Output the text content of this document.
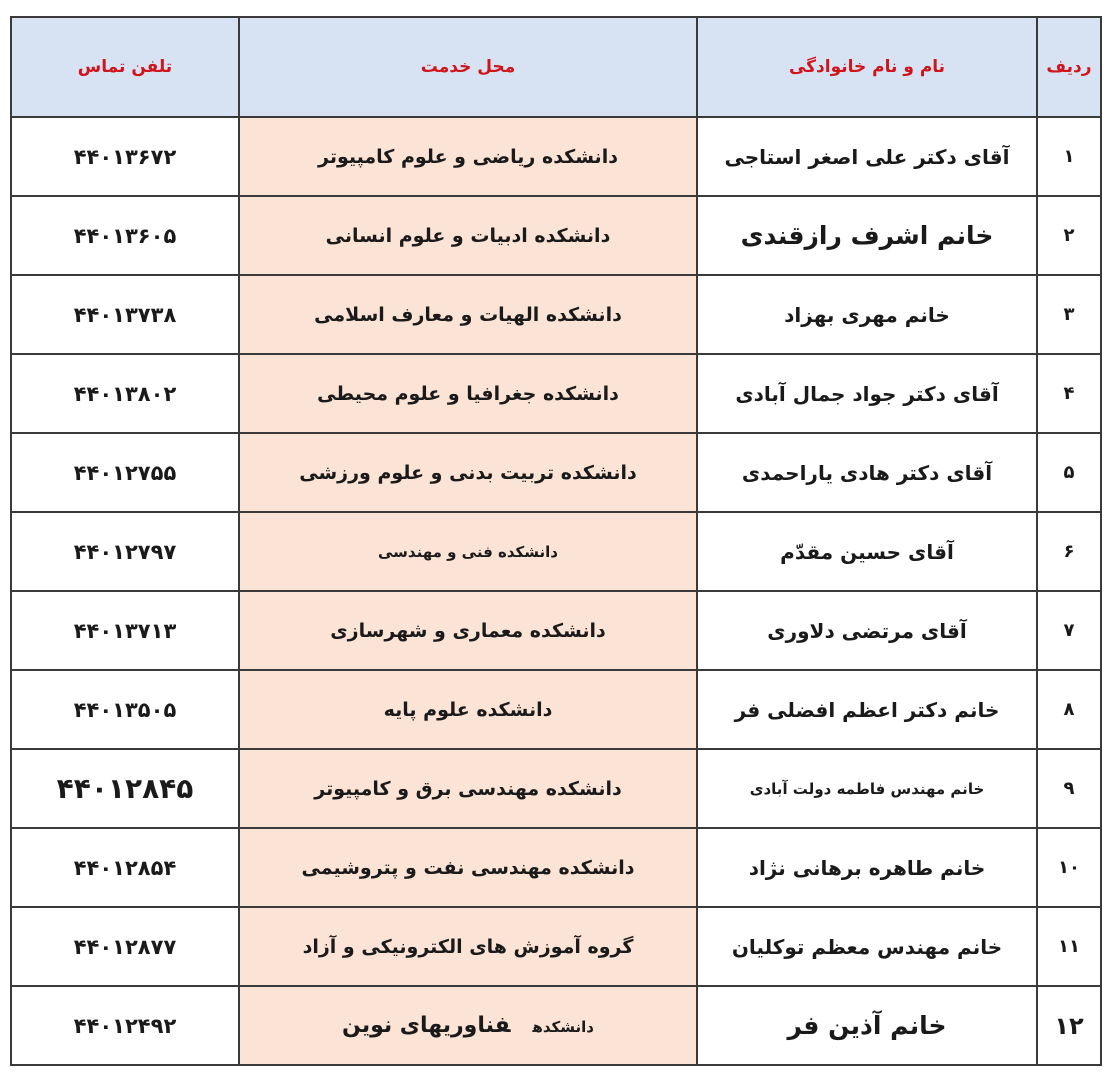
ردیف	نام و نام خانوادگی	محل خدمت	تلفن تماس
۱	آقای دکتر علی اصغر استاجی	دانشکده ریاضی و علوم کامپیوتر	۴۴۰۱۳۶۷۲
۲	خانم اشرف رازقندی	دانشکده ادبیات و علوم انسانی	۴۴۰۱۳۶۰۵
۳	خانم مهری بهزاد	دانشکده الهیات و معارف اسلامی	۴۴۰۱۳۷۳۸
۴	آقای دکتر جواد جمال آبادی	دانشکده جغرافیا و علوم محیطی	۴۴۰۱۳۸۰۲
۵	آقای دکتر هادی یاراحمدی	دانشکده تربیت بدنی و علوم ورزشی	۴۴۰۱۲۷۵۵
۶	آقای حسین مقدّم	دانشکده فنی و مهندسی	۴۴۰۱۲۷۹۷
۷	آقای مرتضی دلاوری	دانشکده معماری و شهرسازی	۴۴۰۱۳۷۱۳
۸	خانم دکتر اعظم افضلی فر	دانشکده علوم پایه	۴۴۰۱۳۵۰۵
۹	خانم مهندس فاطمه دولت آبادی	دانشکده مهندسی برق و کامپیوتر	۴۴۰۱۲۸۴۵
۱۰	خانم طاهره برهانی نژاد	دانشکده مهندسی نفت و پتروشیمی	۴۴۰۱۲۸۵۴
۱۱	خانم مهندس معظم توکلیان	گروه آموزش های الکترونیکی و آزاد	۴۴۰۱۲۸۷۷
۱۲	خانم آذین فر	دانشکدهفناوریهای نوین	۴۴۰۱۲۴۹۲
